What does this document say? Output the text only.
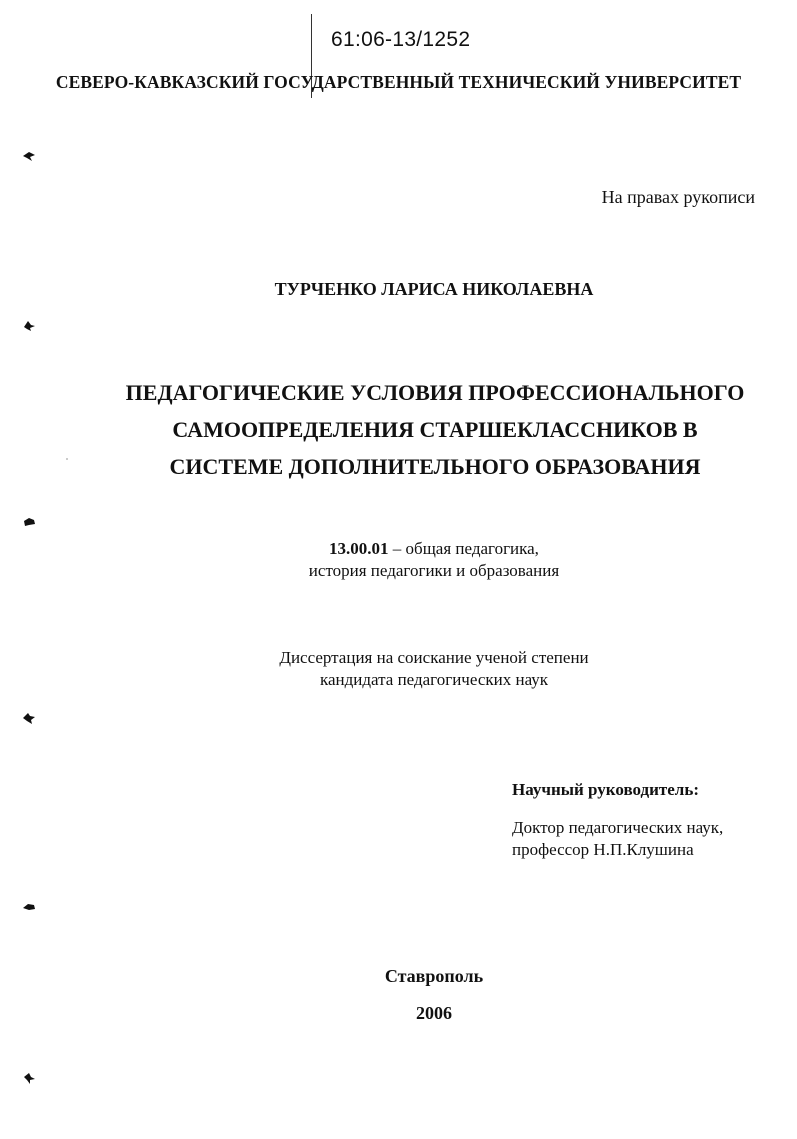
61:06-13/1252
СЕВЕРО-КАВКАЗСКИЙ ГОСУДАРСТВЕННЫЙ ТЕХНИЧЕСКИЙ УНИВЕРСИТЕТ
На правах рукописи
ТУРЧЕНКО ЛАРИСА НИКОЛАЕВНА
ПЕДАГОГИЧЕСКИЕ УСЛОВИЯ ПРОФЕССИОНАЛЬНОГО
САМООПРЕДЕЛЕНИЯ СТАРШЕКЛАССНИКОВ В
СИСТЕМЕ ДОПОЛНИТЕЛЬНОГО ОБРАЗОВАНИЯ
13.00.01 – общая педагогика,
история педагогики и образования
Диссертация на соискание ученой степени
кандидата педагогических наук
Научный руководитель:
Доктор педагогических наук,
профессор Н.П.Клушина
Ставрополь
2006
